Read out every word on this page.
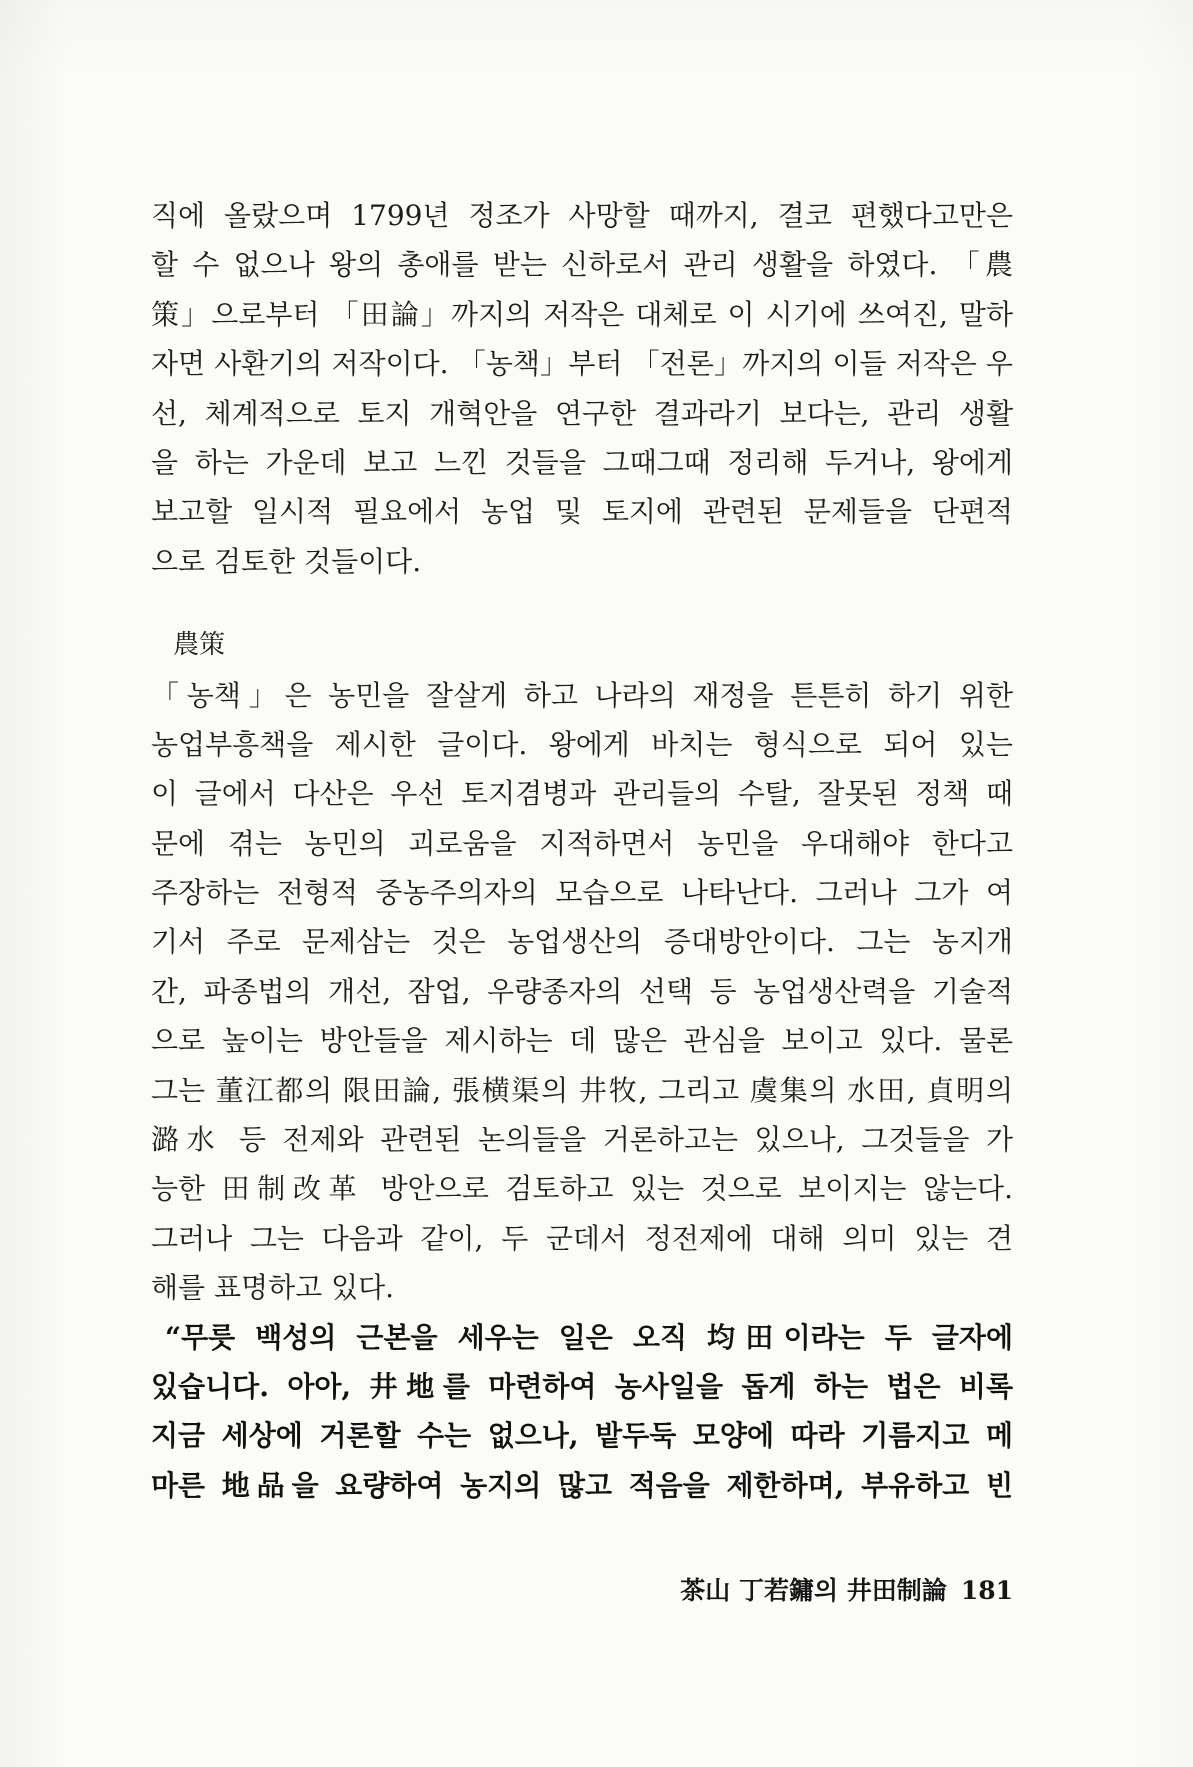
직에 올랐으며 1799년 정조가 사망할 때까지, 결코 편했다고만은
할 수 없으나 왕의 총애를 받는 신하로서 관리 생활을 하였다. 「農
策」으로부터 「田論」까지의 저작은 대체로 이 시기에 쓰여진, 말하
자면 사환기의 저작이다. 「농책」부터 「전론」까지의 이들 저작은 우
선, 체계적으로 토지 개혁안을 연구한 결과라기 보다는, 관리 생활
을 하는 가운데 보고 느낀 것들을 그때그때 정리해 두거나, 왕에게
보고할 일시적 필요에서 농업 및 토지에 관련된 문제들을 단편적
으로 검토한 것들이다.
農策
「농책」은 농민을 잘살게 하고 나라의 재정을 튼튼히 하기 위한
농업부흥책을 제시한 글이다. 왕에게 바치는 형식으로 되어 있는
이 글에서 다산은 우선 토지겸병과 관리들의 수탈, 잘못된 정책 때
문에 겪는 농민의 괴로움을 지적하면서 농민을 우대해야 한다고
주장하는 전형적 중농주의자의 모습으로 나타난다. 그러나 그가 여
기서 주로 문제삼는 것은 농업생산의 증대방안이다. 그는 농지개
간, 파종법의 개선, 잠업, 우량종자의 선택 등 농업생산력을 기술적
으로 높이는 방안들을 제시하는 데 많은 관심을 보이고 있다. 물론
그는 董江都의 限田論, 張横渠의 井牧, 그리고 虞集의 水田, 貞明의
潞水 등 전제와 관련된 논의들을 거론하고는 있으나, 그것들을 가
능한 田制改革 방안으로 검토하고 있는 것으로 보이지는 않는다.
그러나 그는 다음과 같이, 두 군데서 정전제에 대해 의미 있는 견
해를 표명하고 있다.
“무릇 백성의 근본을 세우는 일은 오직 均田이라는 두 글자에
있습니다. 아아, 井地를 마련하여 농사일을 돕게 하는 법은 비록
지금 세상에 거론할 수는 없으나, 밭두둑 모양에 따라 기름지고 메
마른 地品을 요량하여 농지의 많고 적음을 제한하며, 부유하고 빈
茶山 丁若鏞의 井田制論 181
